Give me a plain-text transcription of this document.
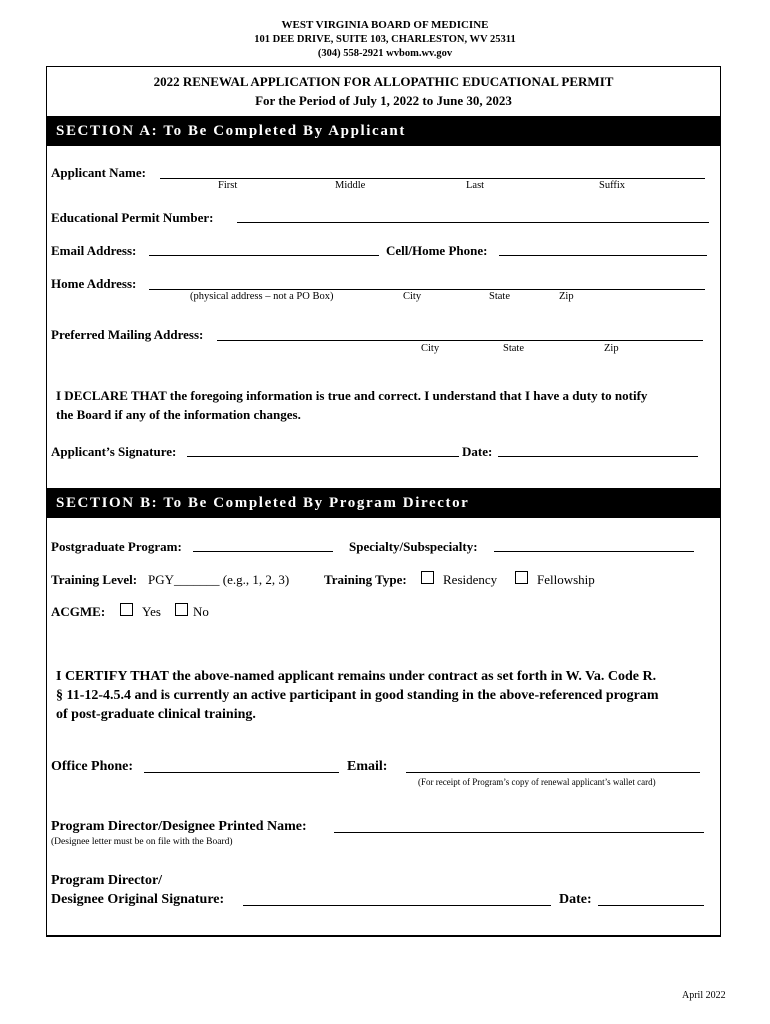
WEST VIRGINIA BOARD OF MEDICINE
101 DEE DRIVE, SUITE 103, CHARLESTON, WV 25311
(304) 558-2921 wvbom.wv.gov
2022 RENEWAL APPLICATION FOR ALLOPATHIC EDUCATIONAL PERMIT
For the Period of July 1, 2022 to June 30, 2023
SECTION A: To Be Completed By Applicant
Applicant Name:
First	Middle	Last	Suffix
Educational Permit Number:
Email Address:	Cell/Home Phone:
Home Address:
(physical address – not a PO Box)	City	State	Zip
Preferred Mailing Address:
City	State	Zip
I DECLARE THAT the foregoing information is true and correct. I understand that I have a duty to notify
the Board if any of the information changes.
Applicant’s Signature:	Date:
SECTION B: To Be Completed By Program Director
Postgraduate Program:	Specialty/Subspecialty:
Training Level: PGY_______ (e.g., 1, 2, 3)	Training Type:	Residency	Fellowship
ACGME:	Yes No
I CERTIFY THAT the above-named applicant remains under contract as set forth in W. Va. Code R.
§ 11-12-4.5.4 and is currently an active participant in good standing in the above-referenced program
of post-graduate clinical training.
Office Phone:	Email:
(For receipt of Program’s copy of renewal applicant’s wallet card)
Program Director/Designee Printed Name:
(Designee letter must be on file with the Board)
Program Director/
Designee Original Signature:	Date:
April 2022
